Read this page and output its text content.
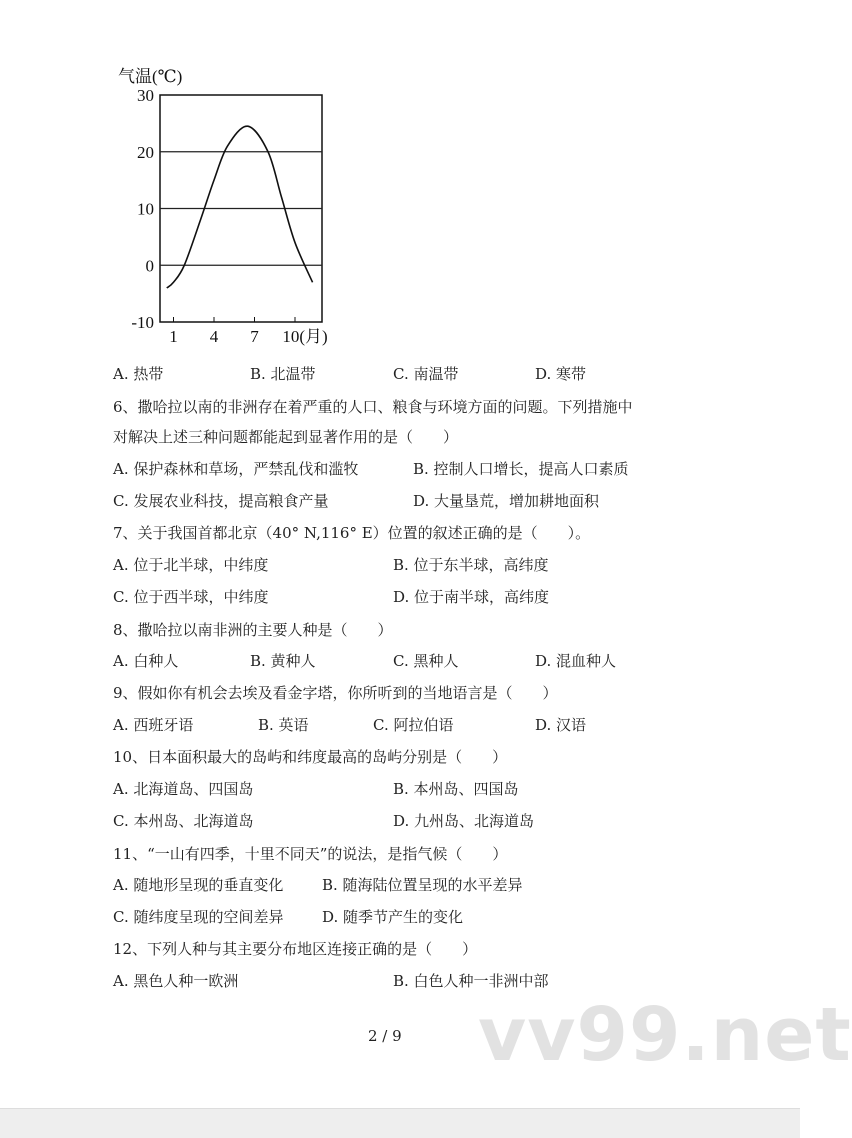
30
20
10
0
-10
1 4 7 10(月)
气温(℃)
A. 热带	B. 北温带	C. 南温带	D. 寒带
6、撒哈拉以南的非洲存在着严重的人口、粮食与环境方面的问题。下列措施中
对解决上述三种问题都能起到显著作用的是（　　）
A. 保护森林和草场，严禁乱伐和滥牧	B. 控制人口增长，提高人口素质
C. 发展农业科技，提高粮食产量	D. 大量垦荒，增加耕地面积
7、关于我国首都北京（40° N,116° E）位置的叙述正确的是（　　）。
A. 位于北半球，中纬度	B. 位于东半球，高纬度
C. 位于西半球，中纬度	D. 位于南半球，高纬度
8、撒哈拉以南非洲的主要人种是（　　）
A. 白种人	B. 黄种人	C. 黑种人	D. 混血种人
9、假如你有机会去埃及看金字塔，你所听到的当地语言是（　　）
A. 西班牙语	B. 英语	C. 阿拉伯语	D. 汉语
10、日本面积最大的岛屿和纬度最高的岛屿分别是（　　）
A. 北海道岛、四国岛	B. 本州岛、四国岛
C. 本州岛、北海道岛	D. 九州岛、北海道岛
11、“一山有四季，十里不同天”的说法，是指气候（　　）
A. 随地形呈现的垂直变化	B. 随海陆位置呈现的水平差异
C. 随纬度呈现的空间差异	D. 随季节产生的变化
12、下列人种与其主要分布地区连接正确的是（　　）
A. 黑色人种一欧洲	B. 白色人种一非洲中部
vv99.net
2 / 9
